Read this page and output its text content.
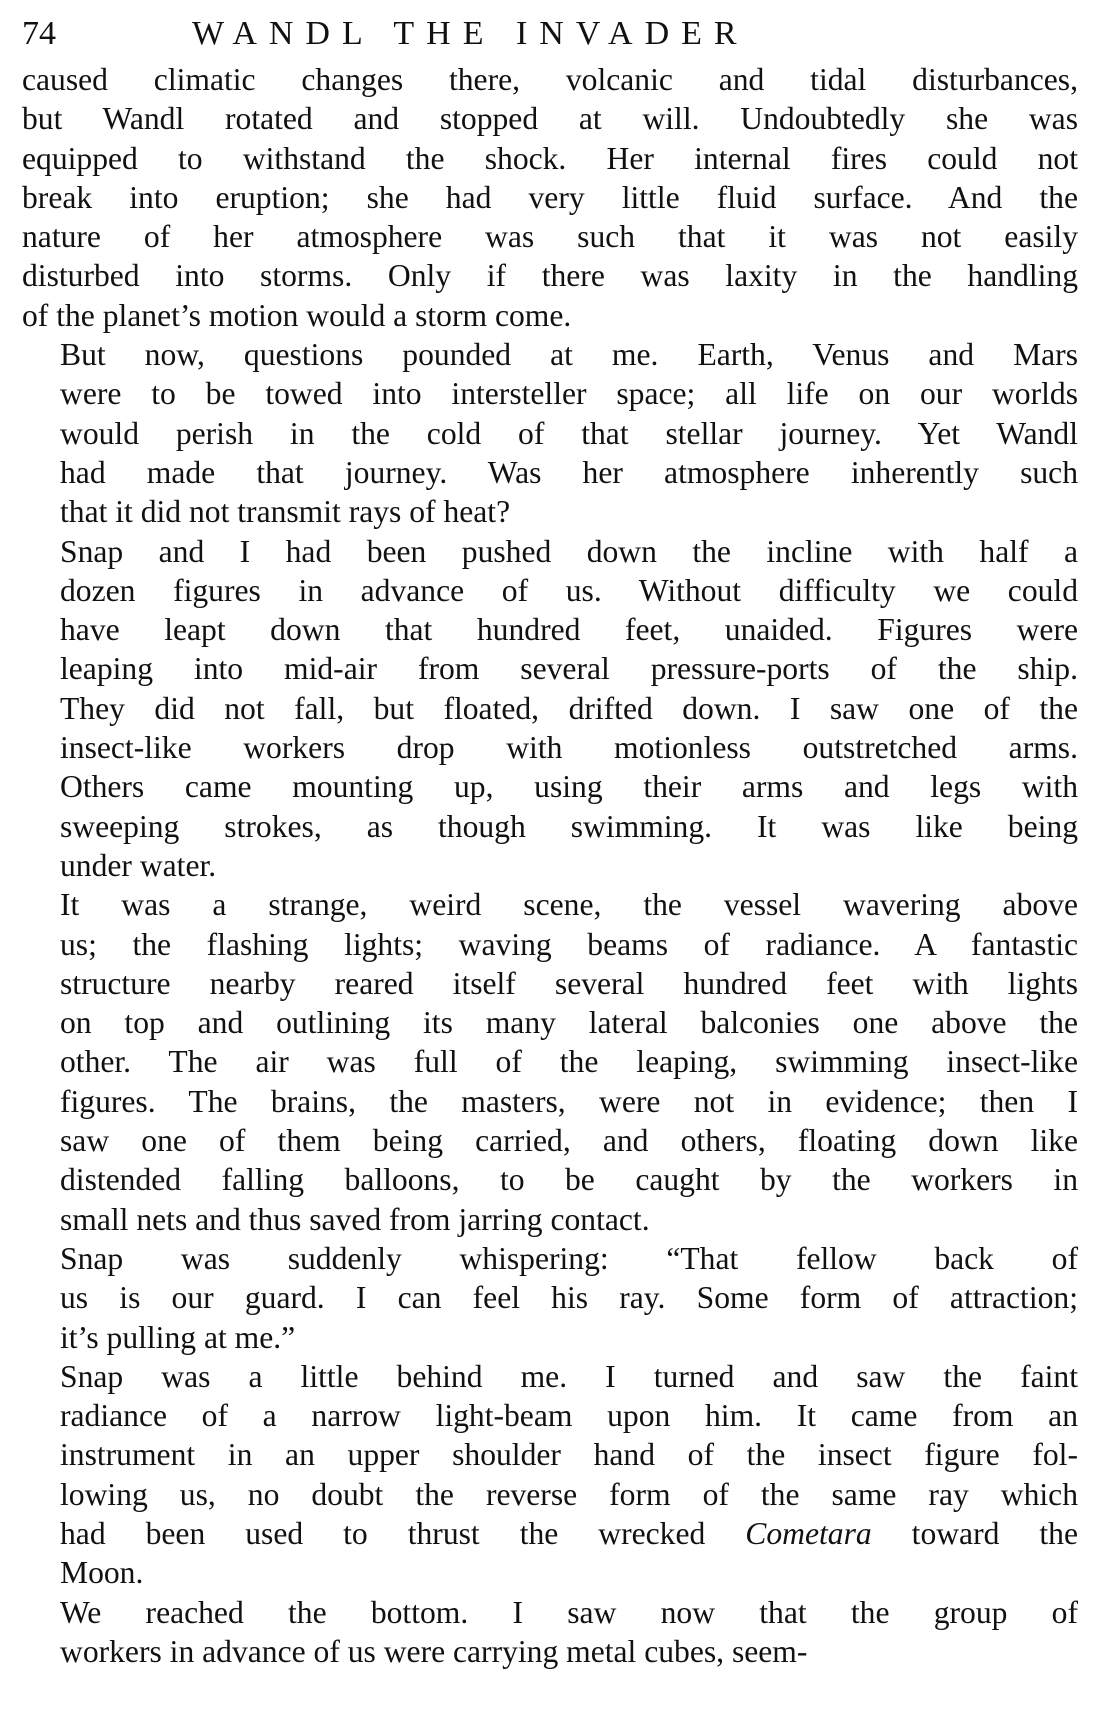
74	WANDL THE INVADER

caused climatic changes there, volcanic and tidal disturbances,
but Wandl rotated and stopped at will. Undoubtedly she was
equipped to withstand the shock. Her internal fires could not
break into eruption; she had very little fluid surface. And the
nature of her atmosphere was such that it was not easily
disturbed into storms. Only if there was laxity in the handling
of the planet’s motion would a storm come.

But now, questions pounded at me. Earth, Venus and Mars
were to be towed into intersteller space; all life on our worlds
would perish in the cold of that stellar journey. Yet Wandl
had made that journey. Was her atmosphere inherently such
that it did not transmit rays of heat?

Snap and I had been pushed down the incline with half a
dozen figures in advance of us. Without difficulty we could
have leapt down that hundred feet, unaided. Figures were
leaping into mid-air from several pressure-ports of the ship.
They did not fall, but floated, drifted down. I saw one of the
insect-like workers drop with motionless outstretched arms.
Others came mounting up, using their arms and legs with
sweeping strokes, as though swimming. It was like being
under water.

It was a strange, weird scene, the vessel wavering above
us; the flashing lights; waving beams of radiance. A fantastic
structure nearby reared itself several hundred feet with lights
on top and outlining its many lateral balconies one above the
other. The air was full of the leaping, swimming insect-like
figures. The brains, the masters, were not in evidence; then I
saw one of them being carried, and others, floating down like
distended falling balloons, to be caught by the workers in
small nets and thus saved from jarring contact.

Snap was suddenly whispering: “That fellow back of
us is our guard. I can feel his ray. Some form of attraction;
it’s pulling at me.”

Snap was a little behind me. I turned and saw the faint
radiance of a narrow light-beam upon him. It came from an
instrument in an upper shoulder hand of the insect figure fol-
lowing us, no doubt the reverse form of the same ray which
had been used to thrust the wrecked Cometara toward the
Moon.

We reached the bottom. I saw now that the group of
workers in advance of us were carrying metal cubes, seem-
